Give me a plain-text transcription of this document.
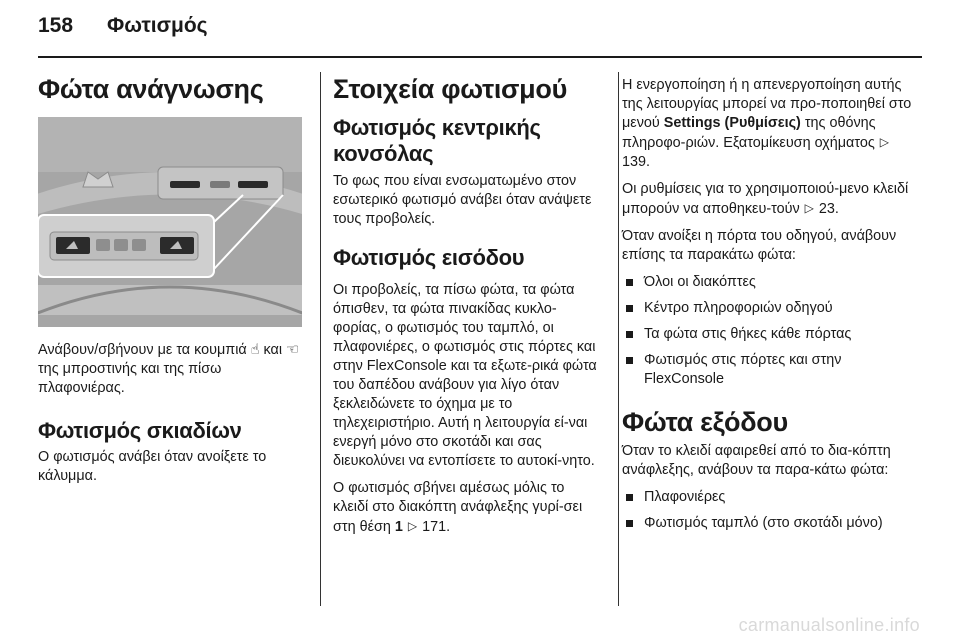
158 Φωτισμός
Φώτα ανάγνωσης

Ανάβουν/σβήνουν με τα κουμπιά ☝ και ☜ της μπροστινής και της πίσω πλαφονιέρας.

Φωτισμός σκιαδίων

Ο φωτισμός ανάβει όταν ανοίξετε το κάλυμμα.

Στοιχεία φωτισμού
Φωτισμός κεντρικής κονσόλας

Το φως που είναι ενσωματωμένο στον εσωτερικό φωτισμό ανάβει όταν ανάψετε τους προβολείς.

Φωτισμός εισόδου

Οι προβολείς, τα πίσω φώτα, τα φώτα όπισθεν, τα φώτα πινακίδας κυκλο-φορίας, ο φωτισμός του ταμπλό, οι πλαφονιέρες, ο φωτισμός στις πόρτες και στην FlexConsole και τα εξωτε-ρικά φώτα του δαπέδου ανάβουν για λίγο όταν ξεκλειδώνετε το όχημα με το τηλεχειριστήριο. Αυτή η λειτουργία εί-ναι ενεργή μόνο στο σκοτάδι και σας διευκολύνει να εντοπίσετε το αυτοκί-νητο.

Ο φωτισμός σβήνει αμέσως μόλις το κλειδί στο διακόπτη ανάφλεξης γυρί-σει στη θέση 1 ▷ 171.

Η ενεργοποίηση ή η απενεργοποίηση αυτής της λειτουργίας μπορεί να προ-ποποιηθεί στο μενού Settings (Ρυθμίσεις) της οθόνης πληροφο-ριών. Εξατομίκευση οχήματος ▷ 139.

Οι ρυθμίσεις για το χρησιμοποιού-μενο κλειδί μπορούν να αποθηκευ-τούν ▷ 23.

Όταν ανοίξει η πόρτα του οδηγού, ανάβουν επίσης τα παρακάτω φώτα:

Όλοι οι διακόπτες
Κέντρο πληροφοριών οδηγού
Τα φώτα στις θήκες κάθε πόρτας
Φωτισμός στις πόρτες και στην FlexConsole
Φώτα εξόδου

Όταν το κλειδί αφαιρεθεί από το δια-κόπτη ανάφλεξης, ανάβουν τα παρα-κάτω φώτα:

Πλαφονιέρες
Φωτισμός ταμπλό (στο σκοτάδι μόνο)
carmanualsonline.info
